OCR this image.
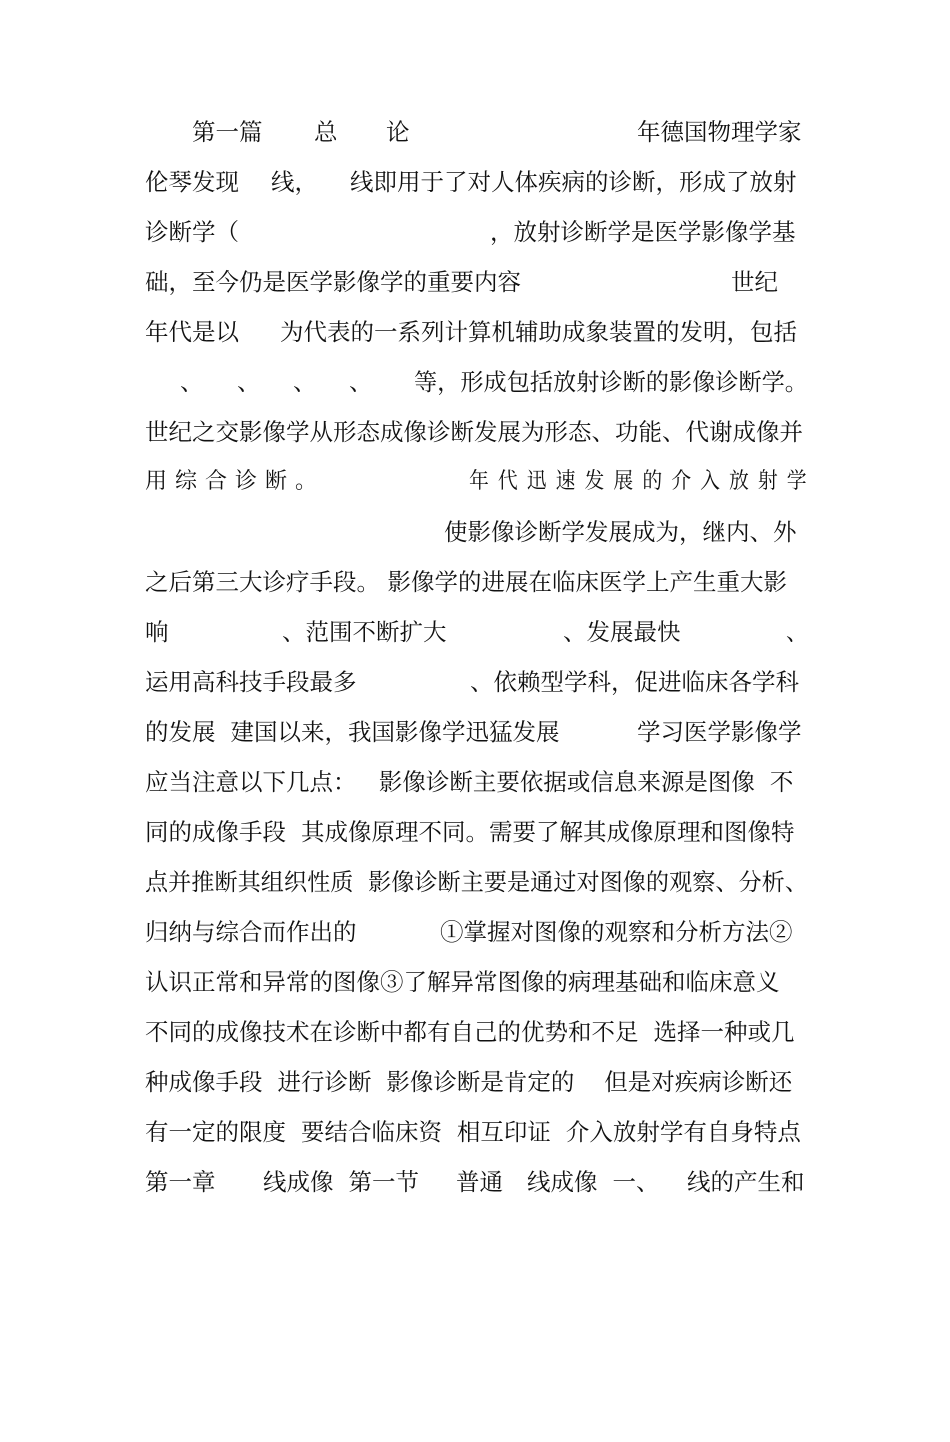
第一篇

总

论

	年德国物理学家

伦琴发现

线，

线即用于了对人体疾病的诊断，形成了放射

诊断学（

	，放射诊断学是医学影像学基

础，至今仍是医学影像学的重要内容

	世纪

年代是以

为代表的一系列计算机辅助成象装置的发明，包括

、

、

、

、

等，形成包括放射诊断的影像诊断学。

世纪之交影像学从形态成像诊断发展为形态、功能、代谢成像并

用 综 合 诊 断 。

	年 代 迅 速 发 展 的 介 入 放 射 学

使影像诊断学发展成为，继内、外

之后第三大诊疗手段。 影像学的进展在临床医学上产生重大影

响

	、范围不断扩大

	、发展最快

	、

运用高科技手段最多

	、依赖型学科，促进临床各学科

的发展  建国以来，我国影像学迅猛发展

	学习医学影像学

应当注意以下几点：   影像诊断主要依据或信息来源是图像  不

同的成像手段  其成像原理不同。需要了解其成像原理和图像特

点并推断其组织性质  影像诊断主要是通过对图像的观察、分析、

归纳与综合而作出的

	①掌握对图像的观察和分析方法②

认识正常和异常的图像③了解异常图像的病理基础和临床意义

不同的成像技术在诊断中都有自己的优势和不足  选择一种或几

种成像手段  进行诊断  影像诊断是肯定的    但是对疾病诊断还

有一定的限度  要结合临床资  相互印证  介入放射学有自身特点

第一章

线成像  第一节

普通

线成像  一、

线的产生和
